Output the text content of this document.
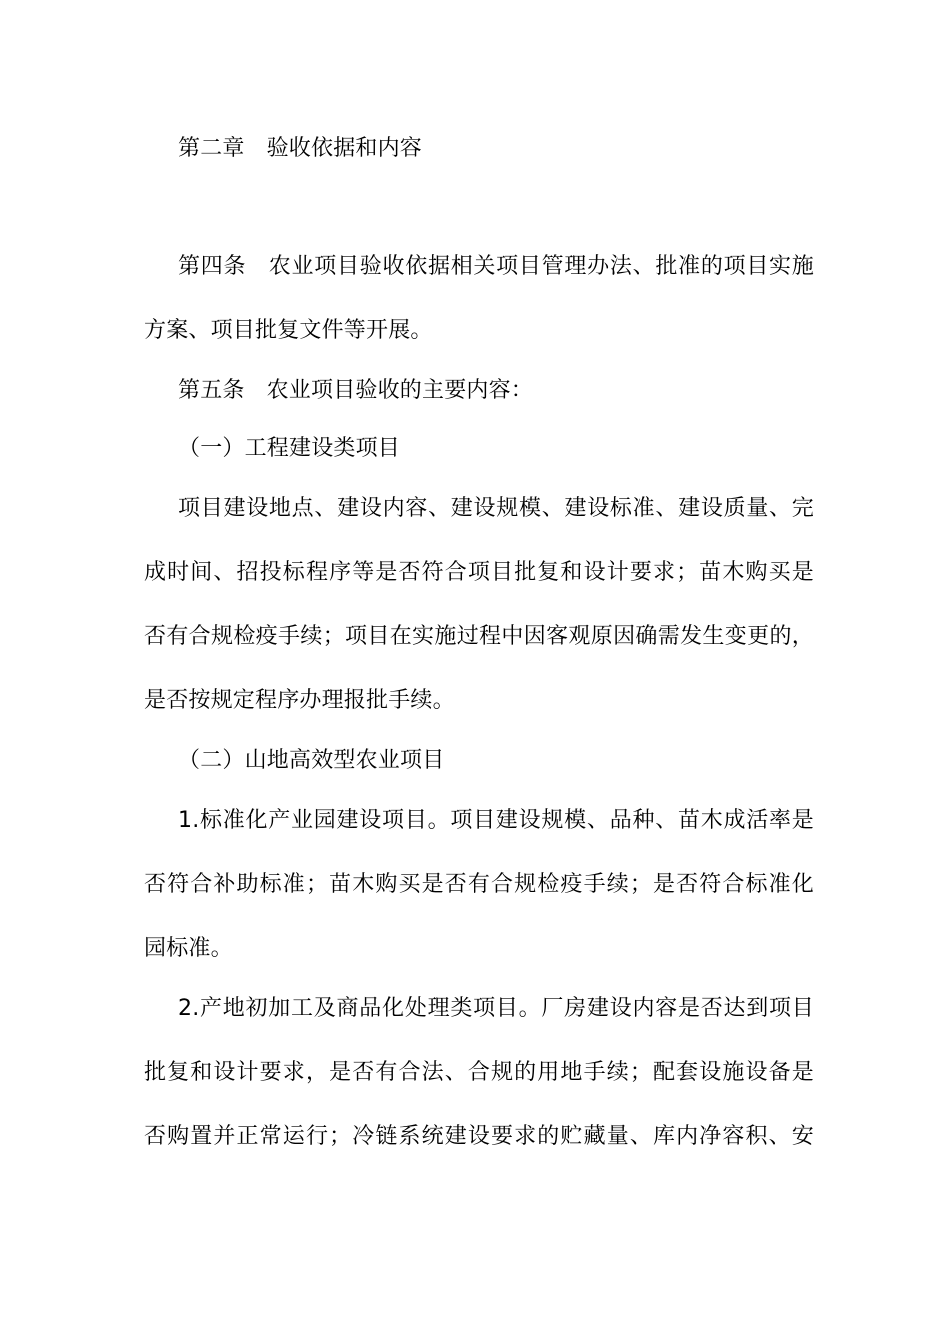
第二章 验收依据和内容
第四条 农业项目验收依据相关项目管理办法、批准的项目实施
方案、项目批复文件等开展。
第五条 农业项目验收的主要内容：
（一）工程建设类项目
项目建设地点、建设内容、建设规模、建设标准、建设质量、完
成时间、招投标程序等是否符合项目批复和设计要求；苗木购买是
否有合规检疫手续；项目在实施过程中因客观原因确需发生变更的，
是否按规定程序办理报批手续。
（二）山地高效型农业项目
1.标准化产业园建设项目。项目建设规模、品种、苗木成活率是
否符合补助标准；苗木购买是否有合规检疫手续；是否符合标准化
园标准。
2.产地初加工及商品化处理类项目。厂房建设内容是否达到项目
批复和设计要求，是否有合法、合规的用地手续；配套设施设备是
否购置并正常运行；冷链系统建设要求的贮藏量、库内净容积、安
